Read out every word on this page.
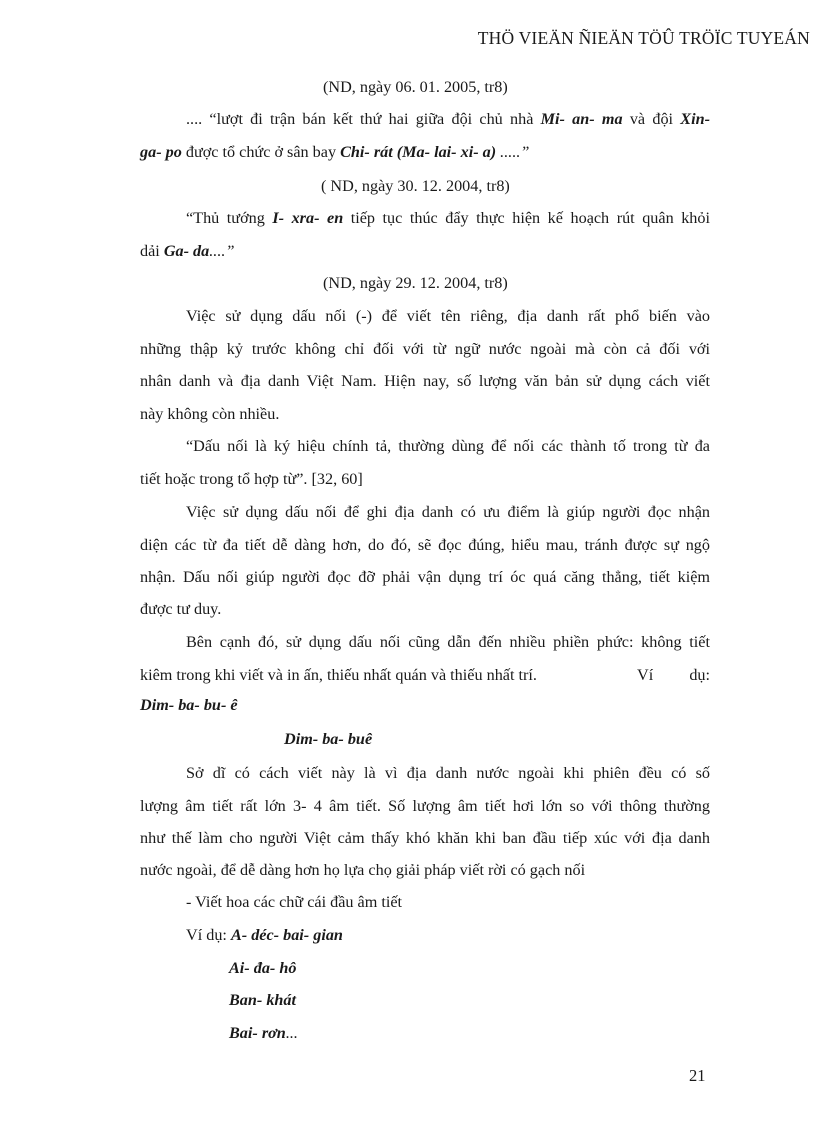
THÖ VIEÄN ÑIEÄN TÖÛ TRÖÏC TUYEÁN
(ND, ngày 06. 01. 2005, tr8)
.... “lượt đi trận bán kết thứ hai giữa đội chủ nhà Mi- an- ma và đội Xin-
ga- po được tổ chức ở sân bay Chi- rát (Ma- lai- xi- a) .....”
( ND, ngày 30. 12. 2004, tr8)
“Thủ tướng I- xra- en tiếp tục thúc đẩy thực hiện kế hoạch rút quân khỏi
dải Ga- da....”
(ND, ngày 29. 12. 2004, tr8)
Việc sử dụng dấu nối (-) để viết tên riêng, địa danh rất phổ biến vào
những thập kỷ trước không chỉ đối với từ ngữ nước ngoài mà còn cả đối với
nhân danh và địa danh Việt Nam. Hiện nay, số lượng văn bản sử dụng cách viết
này không còn nhiều.
“Dấu nối là ký hiệu chính tả, thường dùng để nối các thành tố trong từ đa
tiết hoặc trong tổ hợp từ”. [32, 60]
Việc sử dụng dấu nối để ghi địa danh có ưu điểm là giúp người đọc nhận
diện các từ đa tiết dễ dàng hơn, do đó, sẽ đọc đúng, hiểu mau, tránh được sự ngộ
nhận. Dấu nối giúp người đọc đỡ phải vận dụng trí óc quá căng thẳng, tiết kiệm
được tư duy.
Bên cạnh đó, sử dụng dấu nối cũng dẫn đến nhiều phiền phức: không tiết
kiêm trong khi viết và in ấn, thiếu nhất quán và thiếu nhất trí.	Ví dụ:
Dim- ba- bu- ê
Dim- ba- buê
Sở dĩ có cách viết này là vì địa danh nước ngoài khi phiên đều có số
lượng âm tiết rất lớn 3- 4 âm tiết. Số lượng âm tiết hơi lớn so với thông thường
như thế làm cho người Việt cảm thấy khó khăn khi ban đầu tiếp xúc với địa danh
nước ngoài, để dễ dàng hơn họ lựa chọ giải pháp viết rời có gạch nối
- Viết hoa các chữ cái đầu âm tiết
Ví dụ: A- déc- bai- gian
Ai- đa- hô
Ban- khát
Bai- rơn...
21
